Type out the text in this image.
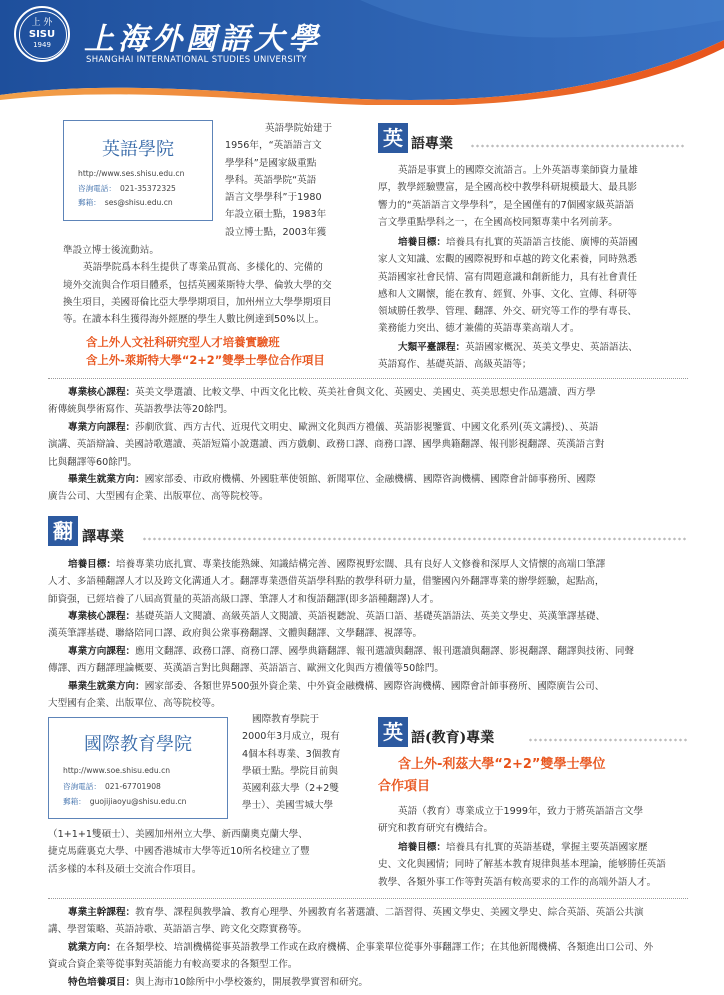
上 外
SISU
1949 上海外國語大學
SHANGHAI INTERNATIONAL STUDIES UNIVERSITY
英語學院
http://www.ses.shisu.edu.cn
咨詢電話： 021-35372325
郵箱： ses@shisu.edu.cn
英語學院始建于
1956年，“英語語言文
學學科”是國家級重點
學科。英語學院“英語
語言文學學科”于1980
年設立碩士點，1983年
設立博士點，2003年獲
準設立博士後流動站。
英語學院爲本科生提供了專業品質高、多樣化的、完備的
境外交流與合作項目體系，包括英國萊斯特大學、倫敦大學的交
換生項目，美國哥倫比亞大學學期項目，加州州立大學學期項目
等。在讀本科生獲得海外經歷的學生人數比例達到50%以上。
含上外人文社科研究型人才培養實驗班
含上外-萊斯特大學“2+2”雙學士學位合作項目
英 語專業
英語是事實上的國際交流語言。上外英語專業師資力量雄
厚，教學經驗豐富，是全國高校中教學科研規模最大、最具影
響力的“英語語言文學學科”，是全國僅有的7個國家級英語語
言文學重點學科之一，在全國高校同類專業中名列前茅。
培養目標：培養具有扎實的英語語言技能、廣博的英語國
家人文知識、宏觀的國際視野和卓越的跨文化素養，同時熟悉
英語國家社會民情、富有問題意識和創新能力，具有社會責任
感和人文關懷，能在教育、經貿、外事、文化、宣傳、科研等
領域勝任教學、管理、翻譯、外交、研究等工作的學有專長、
業務能力突出、德才兼備的英語專業高端人才。
大類平臺課程：英語國家概況、英美文學史、英語語法、
英語寫作、基礎英語、高級英語等；
專業核心課程：英美文學選讀、比較文學、中西文化比較、英美社會與文化、英國史、美國史、英美思想史作品選讀、西方學
術傳統與學術寫作、英語教學法等20餘門。
專業方向課程：莎劇欣賞、西方古代、近現代文明史、歐洲文化與西方禮儀、英語影視鑒賞、中國文化系列(英文講授)、、英語
演講、英語辯論、美國詩歌選讀、英語短篇小說選讀、西方戲劇、政務口譯、商務口譯、國學典籍翻譯、報刊影視翻譯、英漢語言對
比與翻譯等60餘門。
畢業生就業方向：國家部委、市政府機構、外國駐華使領館、新聞單位、金融機構、國際咨詢機構、國際會計師事務所、國際
廣告公司、大型國有企業、出版單位、高等院校等。
翻 譯專業
培養目標：培養專業功底扎實、專業技能熟練、知識結構完善、國際視野宏闊、具有良好人文修養和深厚人文情懷的高端口筆譯
人才、多語種翻譯人才以及跨文化溝通人才。翻譯專業憑借英語學科點的教學科研力量，借鑒國內外翻譯專業的辦學經驗，起點高，
師資强，已經培養了八屆高質量的英語高級口譯、筆譯人才和復語翻譯(即多語種翻譯)人才。
專業核心課程：基礎英語人文閱讀、高級英語人文閱讀、英語視聽說、英語口語、基礎英語語法、英美文學史、英漢筆譯基礎、
漢英筆譯基礎、聯絡陪同口譯、政府與公衆事務翻譯、文體與翻譯、文學翻譯、視譯等。
專業方向課程：應用文翻譯、政務口譯、商務口譯、國學典籍翻譯、報刊選讀與翻譯、報刊選讀與翻譯、影視翻譯、翻譯與技術、同聲
傳譯、西方翻譯理論概要、英漢語言對比與翻譯、英語語言、歐洲文化與西方禮儀等50餘門。
畢業生就業方向：國家部委、各類世界500强外資企業、中外資金融機構、國際咨詢機構、國際會計師事務所、國際廣告公司、
大型國有企業、出版單位、高等院校等。
國際教育學院
http://www.soe.shisu.edu.cn
咨詢電話： 021-67701908
郵箱： guojijiaoyu@shisu.edu.cn
國際教育學院于
2000年3月成立，現有
4個本科專業、3個教育
學碩士點。學院目前與
英國利茲大學（2+2雙
學士）、美國雪城大學
（1+1+1雙碩士）、美國加州州立大學、新西蘭奧克蘭大學、
捷克馬薩裏克大學、中國香港城市大學等近10所名校建立了豐
活多樣的本科及碩士交流合作項目。
英 語(教育)專業
含上外-利茲大學“2+2”雙學士學位
合作項目
英語（教育）專業成立于1999年，致力于將英語語言文學
研究和教育研究有機結合。
培養目標：培養具有扎實的英語基礎，掌握主要英語國家歷
史、文化與國情；同時了解基本教育規律與基本理論，能够勝任英語
教學、各類外事工作等對英語有較高要求的工作的高端外語人才。
專業主幹課程：教育學、課程與教學論、教育心理學、外國教育名著選讀、二語習得、英國文學史、美國文學史、綜合英語、英語公共演
講、學習策略、英語詩歌、英語語言學、跨文化交際實務等。
就業方向：在各類學校、培訓機構從事英語教學工作或在政府機構、企事業單位從事外事翻譯工作；在其他新聞機構、各類進出口公司、外
資或合資企業等從事對英語能力有較高要求的各類型工作。
特色培養項目：與上海市10餘所中小學校簽約，開展教學實習和研究。
